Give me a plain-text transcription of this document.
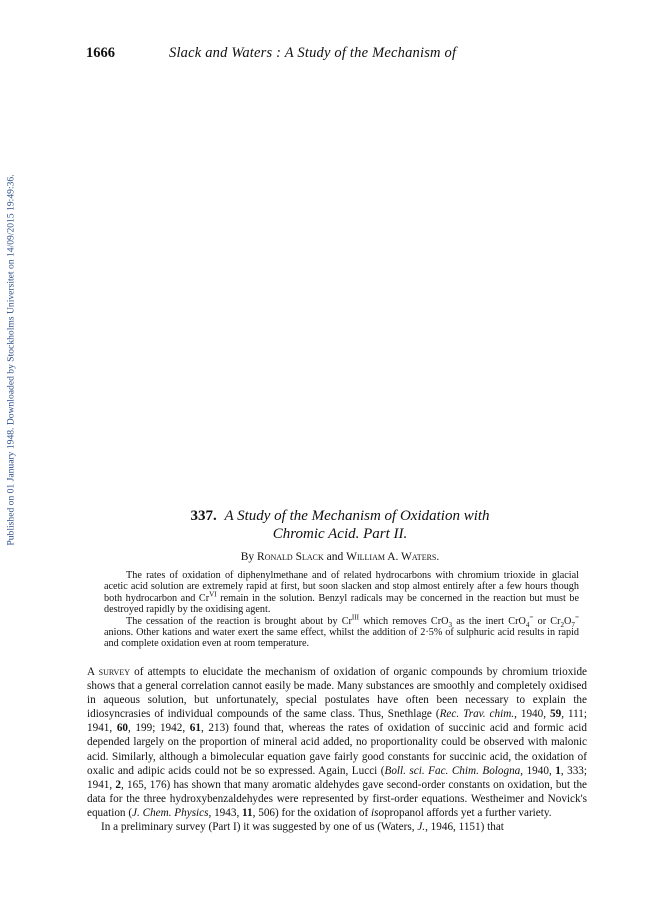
Published on 01 January 1948. Downloaded by Stockholms Universitet on 14/09/2015 19:49:36.
1666	Slack and Waters : A Study of the Mechanism of
337. A Study of the Mechanism of Oxidation with
Chromic Acid. Part II.
By Ronald Slack and William A. Waters.

The rates of oxidation of diphenylmethane and of related hydrocarbons with chromium trioxide in glacial acetic acid solution are extremely rapid at first, but soon slacken and stop almost entirely after a few hours though both hydrocarbon and $Cr^{VI}$ remain in the solution. Benzyl radicals may be concerned in the reaction but must be destroyed rapidly by the oxidising agent.

The cessation of the reaction is brought about by $Cr^{III}$ which removes CrO$_3$ as the inert CrO$_4$= or $Cr_2O_7^=$ anions. Other kations and water exert the same effect, whilst the addition of 2·5% of sulphuric acid results in rapid and complete oxidation even at room temperature.

A survey of attempts to elucidate the mechanism of oxidation of organic compounds by chromium trioxide shows that a general correlation cannot easily be made. Many substances are smoothly and completely oxidised in aqueous solution, but unfortunately, special postulates have often been necessary to explain the idiosyncrasies of individual compounds of the same class. Thus, Snethlage (Rec. Trav. chim., 1940, 59, 111; 1941, 60, 199; 1942, 61, 213) found that, whereas the rates of oxidation of succinic acid and formic acid depended largely on the proportion of mineral acid added, no proportionality could be observed with malonic acid. Similarly, although a bimolecular equation gave fairly good constants for succinic acid, the oxidation of oxalic and adipic acids could not be so expressed. Again, Lucci (Boll. sci. Fac. Chim. Bologna, 1940, 1, 333; 1941, 2, 165, 176) has shown that many aromatic aldehydes gave second-order constants on oxidation, but the data for the three hydroxybenzaldehydes were represented by first-order equations. Westheimer and Novick's equation (J. Chem. Physics, 1943, 11, 506) for the oxidation of isopropanol affords yet a further variety.

In a preliminary survey (Part I) it was suggested by one of us (Waters, J., 1946, 1151) that
